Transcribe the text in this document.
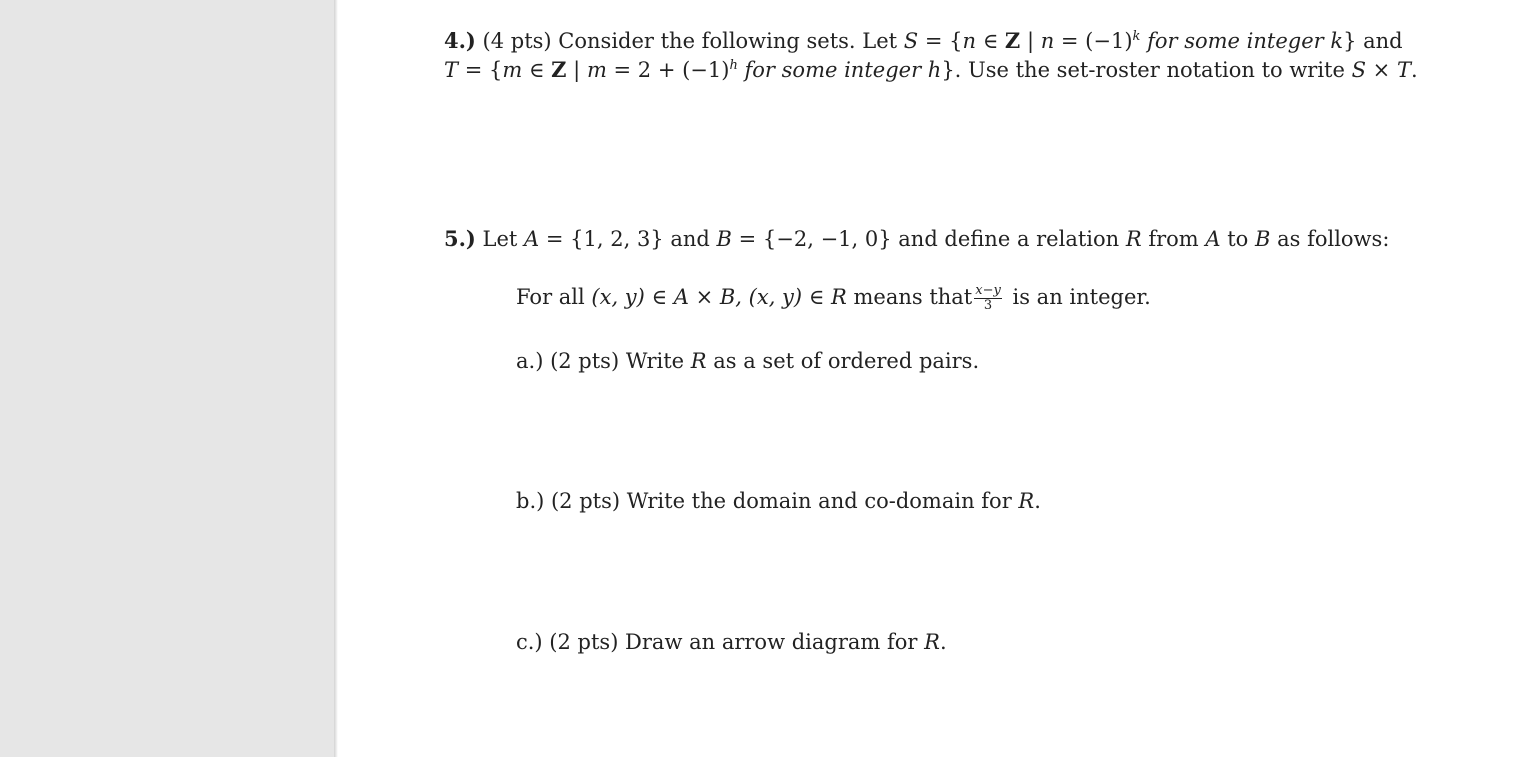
4.) (4 pts) Consider the following sets. Let S = {n ∈ Z | $n = (-1)^k$ for some integer k} and
T = {m ∈ Z | $m = 2 + (-1)^h$ for some integer h}. Use the set-roster notation to write S × T.
5.) Let A = {1, 2, 3} and B = {−2, −1, 0} and define a relation R from A to B as follows:
For all (x, y) ∈ A × B, (x, y) ∈ R means that $\frac{x-y}{3}$ is an integer.
a.) (2 pts) Write R as a set of ordered pairs.
b.) (2 pts) Write the domain and co-domain for R.
c.) (2 pts) Draw an arrow diagram for R.
